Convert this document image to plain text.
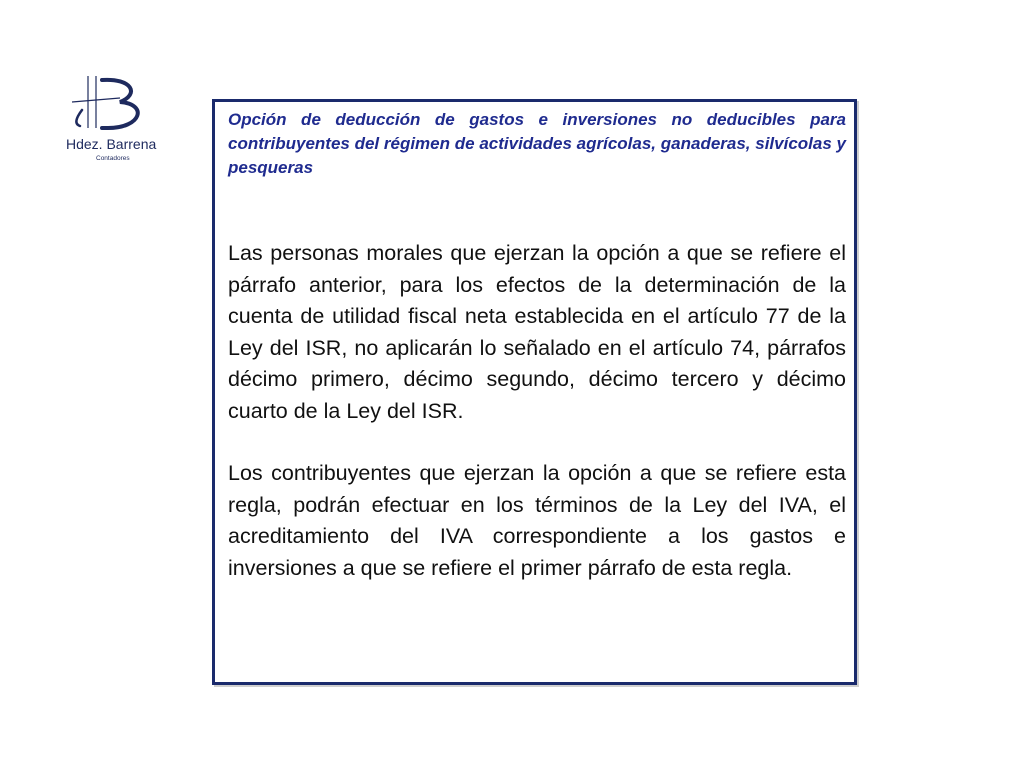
Hdez. Barrena
Contadores

Opción de deducción de gastos e inversiones no deducibles para contribuyentes del régimen de actividades agrícolas, ganaderas, silvícolas y pesqueras

Las personas morales que ejerzan la opción a que se refiere el párrafo anterior, para los efectos de la determinación de la cuenta de utilidad fiscal neta establecida en el artículo 77 de la Ley del ISR, no aplicarán lo señalado en el artículo 74, párrafos décimo primero, décimo segundo, décimo tercero y décimo cuarto de la Ley del ISR.

Los contribuyentes que ejerzan la opción a que se refiere esta regla, podrán efectuar en los términos de la Ley del IVA, el acreditamiento del IVA correspondiente a los gastos e inversiones a que se refiere el primer párrafo de esta regla.
